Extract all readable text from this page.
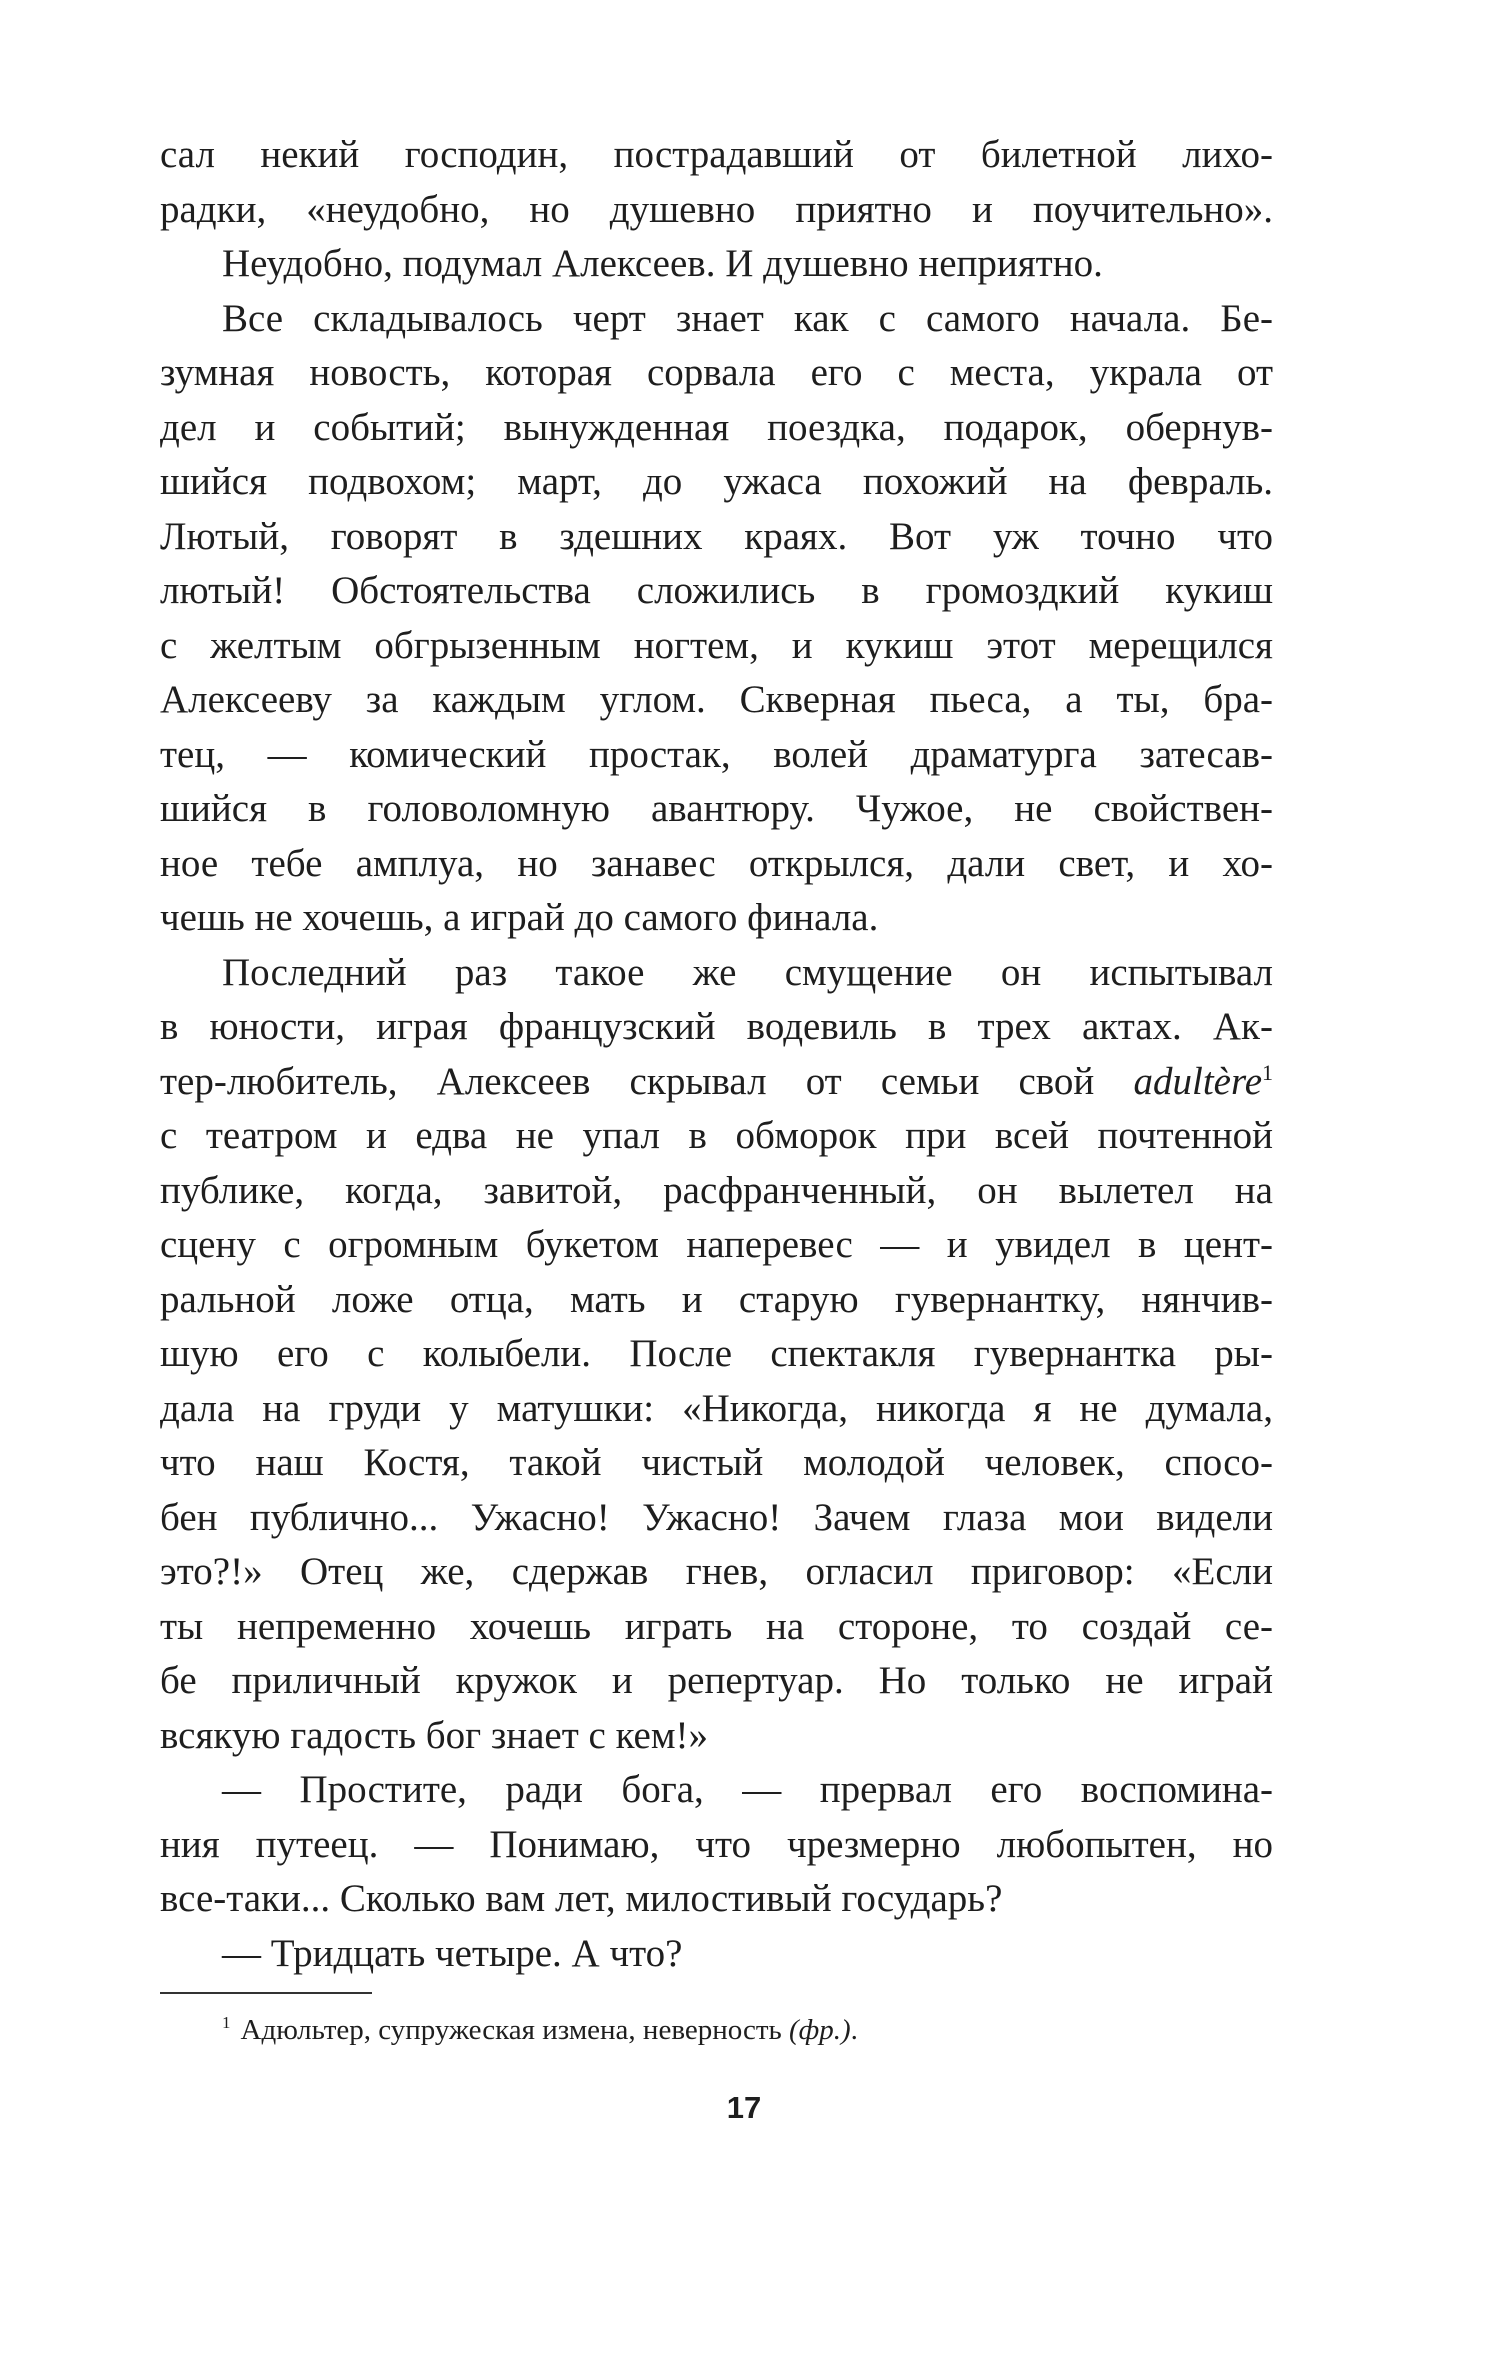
сал некий господин, пострадавший от билетной лихо-
радки, «неудобно, но душевно приятно и поучительно».
Неудобно, подумал Алексеев. И душевно неприятно.
Все складывалось черт знает как с самого начала. Бе-
зумная новость, которая сорвала его с места, украла от
дел и событий; вынужденная поездка, подарок, обернув-
шийся подвохом; март, до ужаса похожий на февраль.
Лютый, говорят в здешних краях. Вот уж точно что
лютый! Обстоятельства сложились в громоздкий кукиш
с желтым обгрызенным ногтем, и кукиш этот мерещился
Алексееву за каждым углом. Скверная пьеса, а ты, бра-
тец, — комический простак, волей драматурга затесав-
шийся в головоломную авантюру. Чужое, не свойствен-
ное тебе амплуа, но занавес открылся, дали свет, и хо-
чешь не хочешь, а играй до самого финала.
Последний раз такое же смущение он испытывал
в юности, играя французский водевиль в трех актах. Ак-
тер-любитель, Алексеев скрывал от семьи свой adultère$^1$
с театром и едва не упал в обморок при всей почтенной
публике, когда, завитой, расфранченный, он вылетел на
сцену с огромным букетом наперевес — и увидел в цент-
ральной ложе отца, мать и старую гувернантку, нянчив-
шую его с колыбели. После спектакля гувернантка ры-
дала на груди у матушки: «Никогда, никогда я не думала,
что наш Костя, такой чистый молодой человек, спосо-
бен публично... Ужасно! Ужасно! Зачем глаза мои видели
это?!» Отец же, сдержав гнев, огласил приговор: «Если
ты непременно хочешь играть на стороне, то создай се-
бе приличный кружок и репертуар. Но только не играй
всякую гадость бог знает с кем!»
— Простите, ради бога, — прервал его воспомина-
ния путеец. — Понимаю, что чрезмерно любопытен, но
все-таки... Сколько вам лет, милостивый государь?
— Тридцать четыре. А что?
$^1$ Адюльтер, супружеская измена, неверность (фр.).
17
